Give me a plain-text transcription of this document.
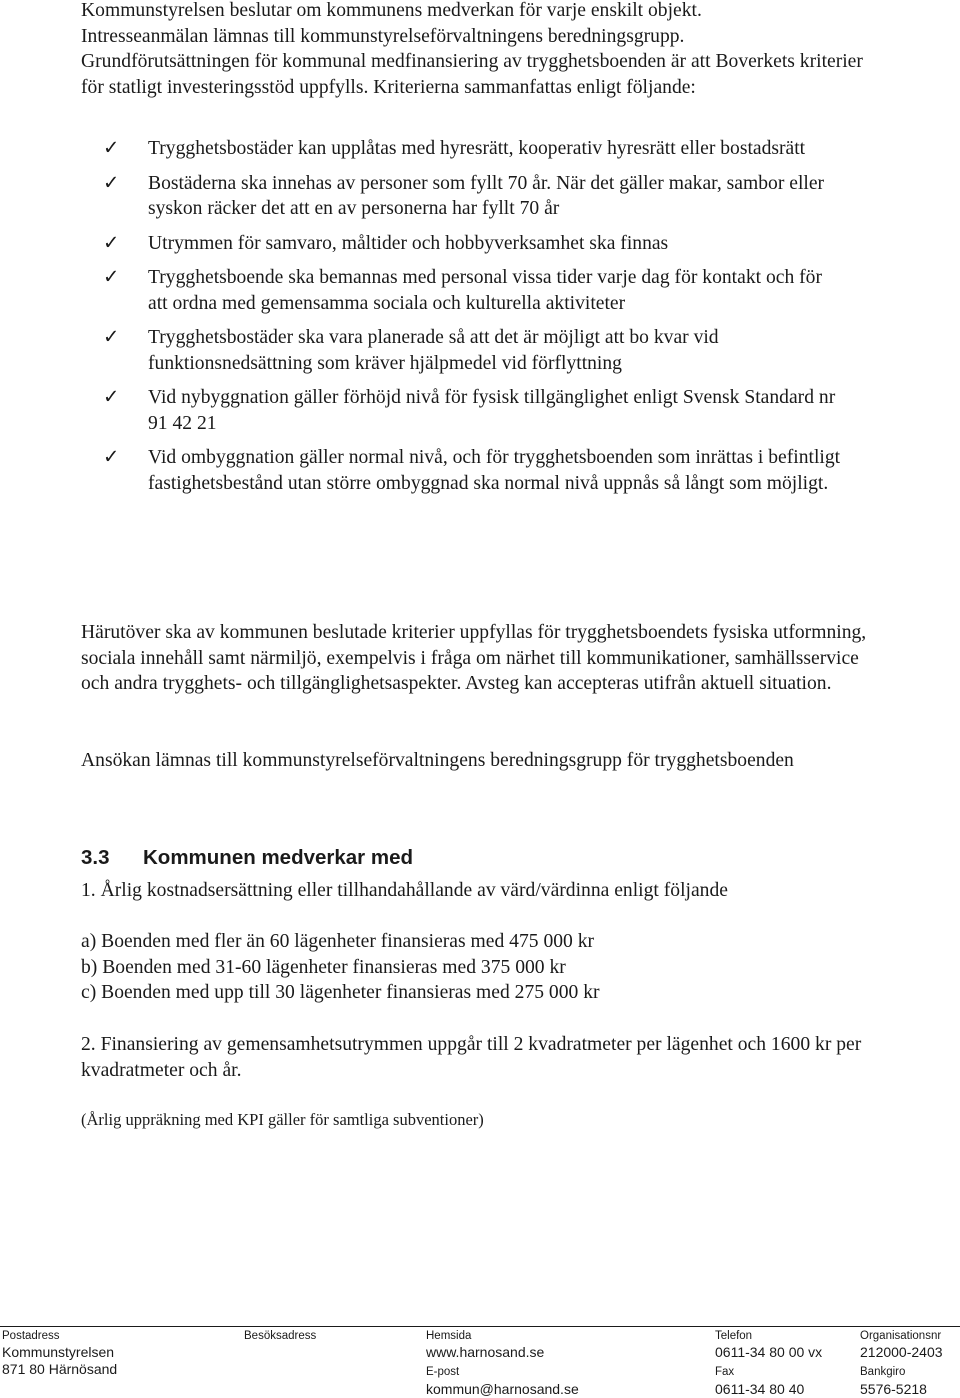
Kommunstyrelsen beslutar om kommunens medverkan för varje enskilt objekt.

Intresseanmälan lämnas till kommunstyrelseförvaltningens beredningsgrupp.

Grundförutsättningen för kommunal medfinansiering av trygghetsboenden är att Boverkets kriterier för statligt investeringsstöd uppfylls. Kriterierna sammanfattas enligt följande:

✓ Trygghetsbostäder kan upplåtas med hyresrätt, kooperativ hyresrätt eller bostadsrätt
✓ Bostäderna ska innehas av personer som fyllt 70 år. När det gäller makar, sambor eller syskon räcker det att en av personerna har fyllt 70 år
✓ Utrymmen för samvaro, måltider och hobbyverksamhet ska finnas
✓ Trygghetsboende ska bemannas med personal vissa tider varje dag för kontakt och för att ordna med gemensamma sociala och kulturella aktiviteter
✓ Trygghetsbostäder ska vara planerade så att det är möjligt att bo kvar vid funktionsnedsättning som kräver hjälpmedel vid förflyttning
✓ Vid nybyggnation gäller förhöjd nivå för fysisk tillgänglighet enligt Svensk Standard nr 91 42 21
✓ Vid ombyggnation gäller normal nivå, och för trygghetsboenden som inrättas i befintligt fastighetsbestånd utan större ombyggnad ska normal nivå uppnås så långt som möjligt.

Härutöver ska av kommunen beslutade kriterier uppfyllas för trygghetsboendets fysiska utformning, sociala innehåll samt närmiljö, exempelvis i fråga om närhet till kommunikationer, samhällsservice och andra trygghets- och tillgänglighetsaspekter. Avsteg kan accepteras utifrån aktuell situation.

Ansökan lämnas till kommunstyrelseförvaltningens beredningsgrupp för trygghetsboenden

3.3 Kommunen medverkar med

1. Årlig kostnadsersättning eller tillhandahållande av värd/värdinna enligt följande

a) Boenden med fler än 60 lägenheter finansieras med 475 000 kr
b) Boenden med 31-60 lägenheter finansieras med 375 000 kr
c) Boenden med upp till 30 lägenheter finansieras med 275 000 kr

2. Finansiering av gemensamhetsutrymmen uppgår till 2 kvadratmeter per lägenhet och 1600 kr per kvadratmeter och år.

(Årlig uppräkning med KPI gäller för samtliga subventioner)

Postadress
Kommunstyrelsen
871 80 Härnösand
Besöksadress	Hemsida
www.harnosand.se
E-post
kommun@harnosand.se
Telefon
0611-34 80 00 vx
Fax
0611-34 80 40
Organisationsnr
212000-2403
Bankgiro
5576-5218
